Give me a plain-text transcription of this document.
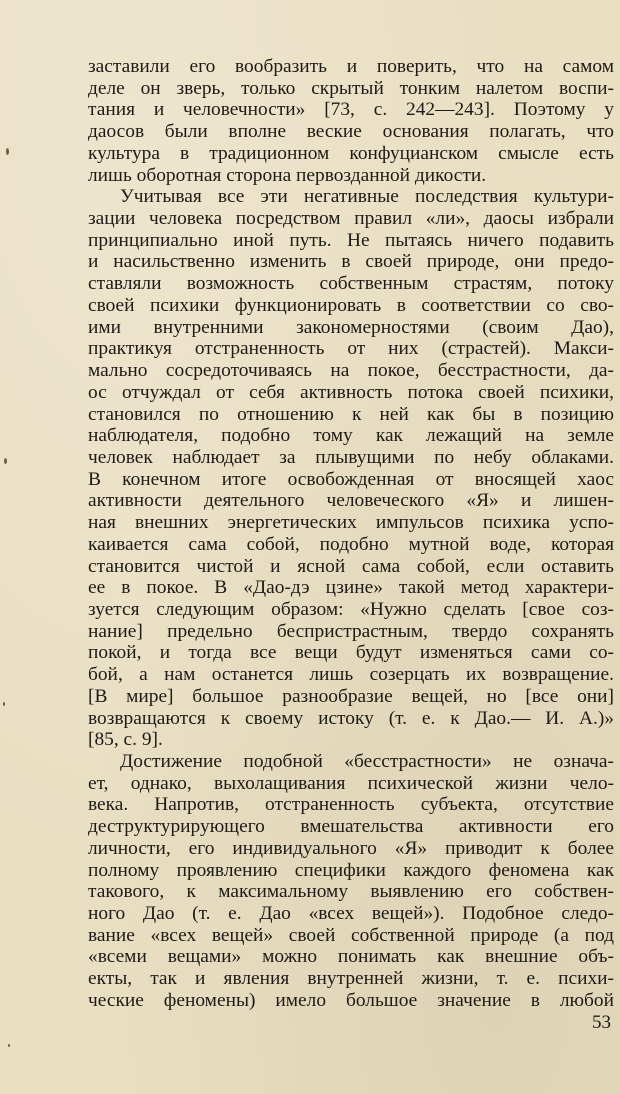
заставили его вообразить и поверить, что на самом
деле он зверь, только скрытый тонким налетом воспи-
тания и человечности» [73, с. 242—243]. Поэтому у
даосов были вполне веские основания полагать, что
культура в традиционном конфуцианском смысле есть
лишь оборотная сторона первозданной дикости.
Учитывая все эти негативные последствия культури-
зации человека посредством правил «ли», даосы избрали
принципиально иной путь. Не пытаясь ничего подавить
и насильственно изменить в своей природе, они предо-
ставляли возможность собственным страстям, потоку
своей психики функционировать в соответствии со сво-
ими внутренними закономерностями (своим Дао),
практикуя отстраненность от них (страстей). Макси-
мально сосредоточиваясь на покое, бесстрастности, да-
ос отчуждал от себя активность потока своей психики,
становился по отношению к ней как бы в позицию
наблюдателя, подобно тому как лежащий на земле
человек наблюдает за плывущими по небу облаками.
В конечном итоге освобожденная от вносящей хаос
активности деятельного человеческого «Я» и лишен-
ная внешних энергетических импульсов психика успо-
каивается сама собой, подобно мутной воде, которая
становится чистой и ясной сама собой, если оставить
ее в покое. В «Дао-дэ цзине» такой метод характери-
зуется следующим образом: «Нужно сделать [свое соз-
нание] предельно беспристрастным, твердо сохранять
покой, и тогда все вещи будут изменяться сами со-
бой, а нам останется лишь созерцать их возвращение.
[В мире] большое разнообразие вещей, но [все они]
возвращаются к своему истоку (т. е. к Дао.— И. А.)»
[85, с. 9].
Достижение подобной «бесстрастности» не означа-
ет, однако, выхолащивания психической жизни чело-
века. Напротив, отстраненность субъекта, отсутствие
деструктурирующего вмешательства активности его
личности, его индивидуального «Я» приводит к более
полному проявлению специфики каждого феномена как
такового, к максимальному выявлению его собствен-
ного Дао (т. е. Дао «всех вещей»). Подобное следо-
вание «всех вещей» своей собственной природе (а под
«всеми вещами» можно понимать как внешние объ-
екты, так и явления внутренней жизни, т. е. психи-
ческие феномены) имело большое значение в любой
53
